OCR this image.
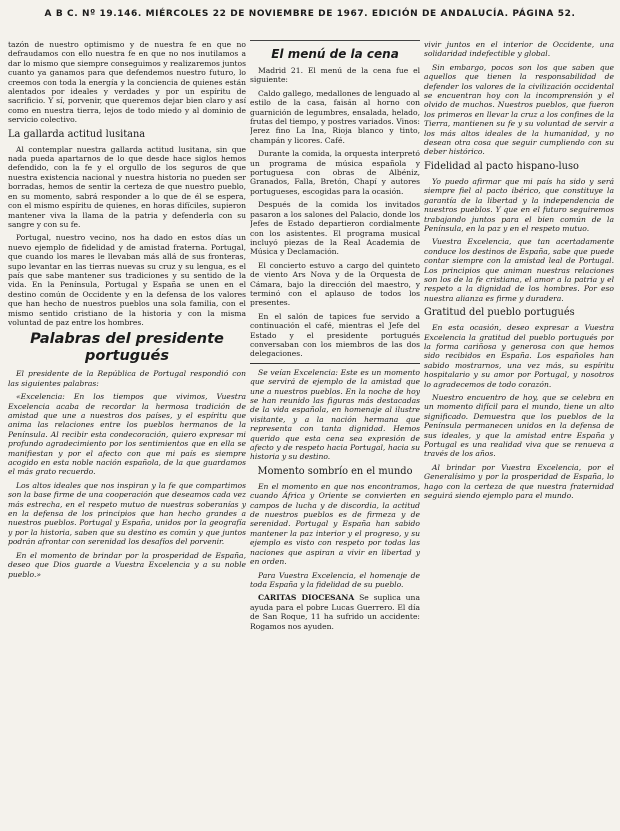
A B C. Nº 19.146. MIÉRCOLES 22 DE NOVIEMBRE DE 1967. EDICIÓN DE ANDALUCÍA. PÁGINA 52.

tazón de nuestro optimismo y de nuestra fe en que no defraudamos con ello nuestra fe en que no nos inutilamos a dar lo mismo que siempre conseguimos y realizaremos juntos cuanto ya ganamos para que defendemos nuestro futuro, lo creemos con toda la energía y la conciencia de quienes están alentados por ideales y verdades y por un espíritu de sacrificio. Y sí, porvenir, que queremos dejar bien claro y así como en nuestra tierra, lejos de todo miedo y al dominio de servicio colectivo.

La gallarda actitud lusitana

Al contemplar nuestra gallarda actitud lusitana, sin que nada pueda apartarnos de lo que desde hace siglos hemos defendido, con la fe y el orgullo de los seguros de que nuestra existencia nacional y nuestra historia no pueden ser borradas, hemos de sentir la certeza de que nuestro pueblo, en su momento, sabrá responder a lo que de él se espera, con el mismo espíritu de quienes, en horas difíciles, supieron mantener viva la llama de la patria y defenderla con su sangre y con su fe.

Portugal, nuestro vecino, nos ha dado en estos días un nuevo ejemplo de fidelidad y de amistad fraterna. Portugal, que cuando los mares le llevaban más allá de sus fronteras, supo levantar en las tierras nuevas su cruz y su lengua, es el país que sabe mantener sus tradiciones y su sentido de la vida. En la Península, Portugal y España se unen en el destino común de Occidente y en la defensa de los valores que han hecho de nuestros pueblos una sola familia, con el mismo sentido cristiano de la historia y con la misma voluntad de paz entre los hombres.

Palabras del presidente portugués

El presidente de la República de Portugal respondió con las siguientes palabras:

«Excelencia: En los tiempos que vivimos, Vuestra Excelencia acaba de recordar la hermosa tradición de amistad que une a nuestros dos países, y el espíritu que anima las relaciones entre los pueblos hermanos de la Península. Al recibir esta condecoración, quiero expresar mi profundo agradecimiento por los sentimientos que en ella se manifiestan y por el afecto con que mi país es siempre acogido en esta noble nación española, de la que guardamos el más grato recuerdo.

Los altos ideales que nos inspiran y la fe que compartimos son la base firme de una cooperación que deseamos cada vez más estrecha, en el respeto mutuo de nuestras soberanías y en la defensa de los principios que han hecho grandes a nuestros pueblos. Portugal y España, unidos por la geografía y por la historia, saben que su destino es común y que juntos podrán afrontar con serenidad los desafíos del porvenir.

En el momento de brindar por la prosperidad de España, deseo que Dios guarde a Vuestra Excelencia y a su noble pueblo.»

El menú de la cena

Madrid 21. El menú de la cena fue el siguiente:

Caldo gallego, medallones de lenguado al estilo de la casa, faisán al horno con guarnición de legumbres, ensalada, helado, frutas del tiempo, y postres variados. Vinos: Jerez fino La Ina, Rioja blanco y tinto, champán y licores. Café.

Durante la comida, la orquesta interpretó un programa de música española y portuguesa con obras de Albéniz, Granados, Falla, Bretón, Chapí y autores portugueses, escogidas para la ocasión.

Después de la comida los invitados pasaron a los salones del Palacio, donde los Jefes de Estado departieron cordialmente con los asistentes. El programa musical incluyó piezas de la Real Academia de Música y Declamación.

El concierto estuvo a cargo del quinteto de viento Ars Nova y de la Orquesta de Cámara, bajo la dirección del maestro, y terminó con el aplauso de todos los presentes.

En el salón de tapices fue servido a continuación el café, mientras el Jefe del Estado y el presidente portugués conversaban con los miembros de las dos delegaciones.

Se veían Excelencia: Este es un momento que servirá de ejemplo de la amistad que une a nuestros pueblos. En la noche de hoy se han reunido las figuras más destacadas de la vida española, en homenaje al ilustre visitante, y a la nación hermana que representa con tanta dignidad. Hemos querido que esta cena sea expresión de afecto y de respeto hacia Portugal, hacia su historia y su destino.

Momento sombrío en el mundo

En el momento en que nos encontramos, cuando África y Oriente se convierten en campos de lucha y de discordia, la actitud de nuestros pueblos es de firmeza y de serenidad. Portugal y España han sabido mantener la paz interior y el progreso, y su ejemplo es visto con respeto por todas las naciones que aspiran a vivir en libertad y en orden.

Para Vuestra Excelencia, el homenaje de toda España y la fidelidad de su pueblo.

CARITAS DIOCESANA Se suplica una ayuda para el pobre Lucas Guerrero. El día de San Roque, 11 ha sufrido un accidente: Rogamos nos ayuden.

vivir juntos en el interior de Occidente, una solidaridad indefectible y global.

Sin embargo, pocos son los que saben que aquellos que tienen la responsabilidad de defender los valores de la civilización occidental se encuentran hoy con la incomprensión y el olvido de muchos. Nuestros pueblos, que fueron los primeros en llevar la cruz a los confines de la Tierra, mantienen su fe y su voluntad de servir a los más altos ideales de la humanidad, y no desean otra cosa que seguir cumpliendo con su deber histórico.

Fidelidad al pacto hispano-luso

Yo puedo afirmar que mi país ha sido y será siempre fiel al pacto ibérico, que constituye la garantía de la libertad y la independencia de nuestros pueblos. Y que en el futuro seguiremos trabajando juntos para el bien común de la Península, en la paz y en el respeto mutuo.

Vuestra Excelencia, que tan acertadamente conduce los destinos de España, sabe que puede contar siempre con la amistad leal de Portugal. Los principios que animan nuestras relaciones son los de la fe cristiana, el amor a la patria y el respeto a la dignidad de los hombres. Por eso nuestra alianza es firme y duradera.

Gratitud del pueblo portugués

En esta ocasión, deseo expresar a Vuestra Excelencia la gratitud del pueblo portugués por la forma cariñosa y generosa con que hemos sido recibidos en España. Los españoles han sabido mostrarnos, una vez más, su espíritu hospitalario y su amor por Portugal, y nosotros lo agradecemos de todo corazón.

Nuestro encuentro de hoy, que se celebra en un momento difícil para el mundo, tiene un alto significado. Demuestra que los pueblos de la Península permanecen unidos en la defensa de sus ideales, y que la amistad entre España y Portugal es una realidad viva que se renueva a través de los años.

Al brindar por Vuestra Excelencia, por el Generalísimo y por la prosperidad de España, lo hago con la certeza de que nuestra fraternidad seguirá siendo ejemplo para el mundo.
